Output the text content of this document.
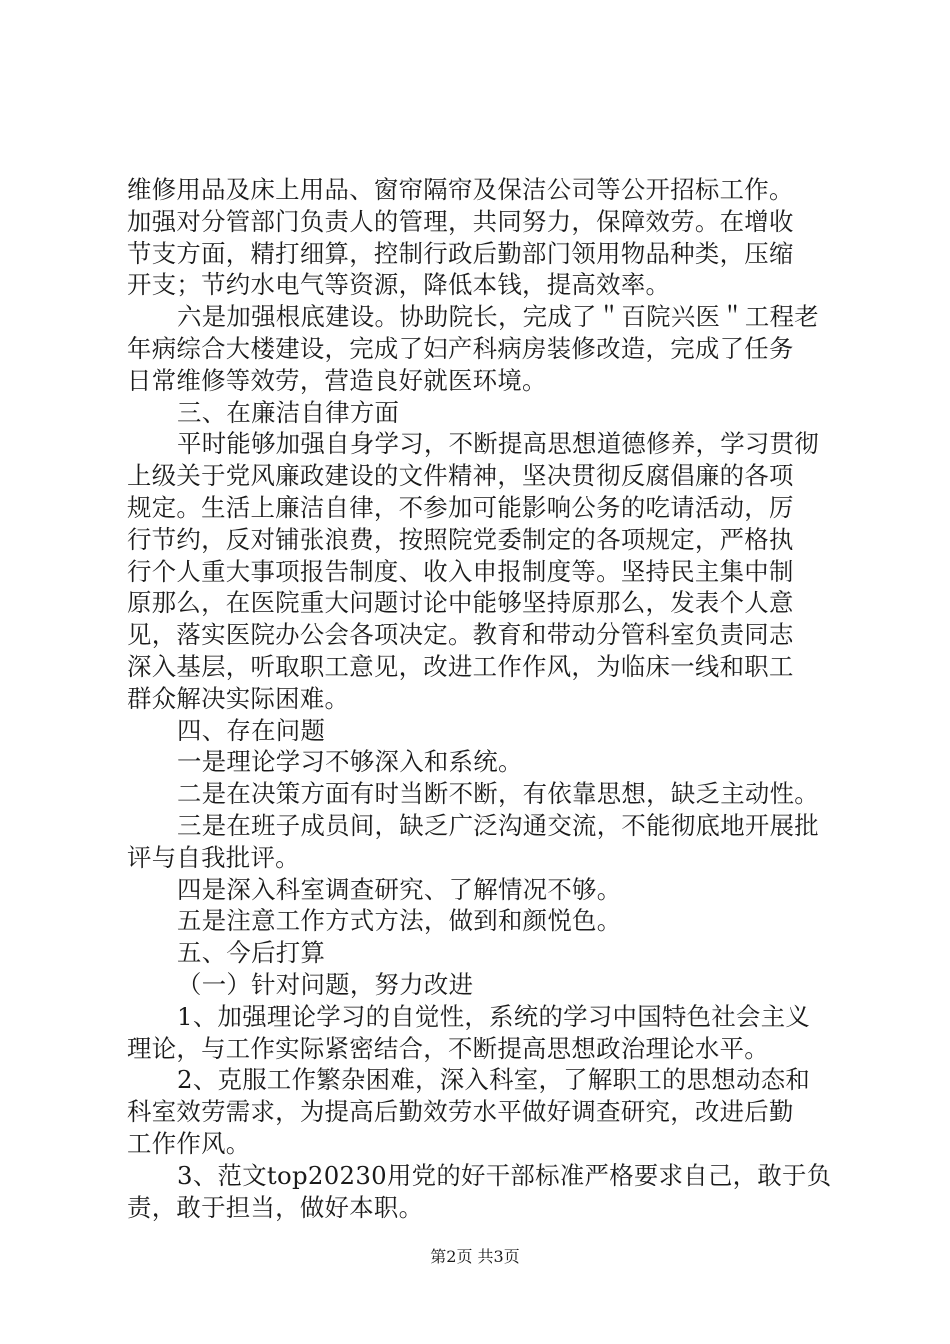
维修用品及床上用品、窗帘隔帘及保洁公司等公开招标工作。
加强对分管部门负责人的管理，共同努力，保障效劳。在增收
节支方面，精打细算，控制行政后勤部门领用物品种类，压缩
开支；节约水电气等资源，降低本钱，提高效率。
六是加强根底建设。协助院长，完成了＂百院兴医＂工程老
年病综合大楼建设，完成了妇产科病房装修改造，完成了任务
日常维修等效劳，营造良好就医环境。
三、在廉洁自律方面
平时能够加强自身学习，不断提高思想道德修养，学习贯彻
上级关于党风廉政建设的文件精神，坚决贯彻反腐倡廉的各项
规定。生活上廉洁自律，不参加可能影响公务的吃请活动，厉
行节约，反对铺张浪费，按照院党委制定的各项规定，严格执
行个人重大事项报告制度、收入申报制度等。坚持民主集中制
原那么，在医院重大问题讨论中能够坚持原那么，发表个人意
见，落实医院办公会各项决定。教育和带动分管科室负责同志
深入基层，听取职工意见，改进工作作风，为临床一线和职工
群众解决实际困难。
四、存在问题
一是理论学习不够深入和系统。
二是在决策方面有时当断不断，有依靠思想，缺乏主动性。
三是在班子成员间，缺乏广泛沟通交流，不能彻底地开展批
评与自我批评。
四是深入科室调查研究、了解情况不够。
五是注意工作方式方法，做到和颜悦色。
五、今后打算
（一）针对问题，努力改进
1、加强理论学习的自觉性，系统的学习中国特色社会主义
理论，与工作实际紧密结合，不断提高思想政治理论水平。
2、克服工作繁杂困难，深入科室，了解职工的思想动态和
科室效劳需求，为提高后勤效劳水平做好调查研究，改进后勤
工作作风。
3、范文top20230用党的好干部标准严格要求自己，敢于负
责，敢于担当，做好本职。
第2页 共3页
